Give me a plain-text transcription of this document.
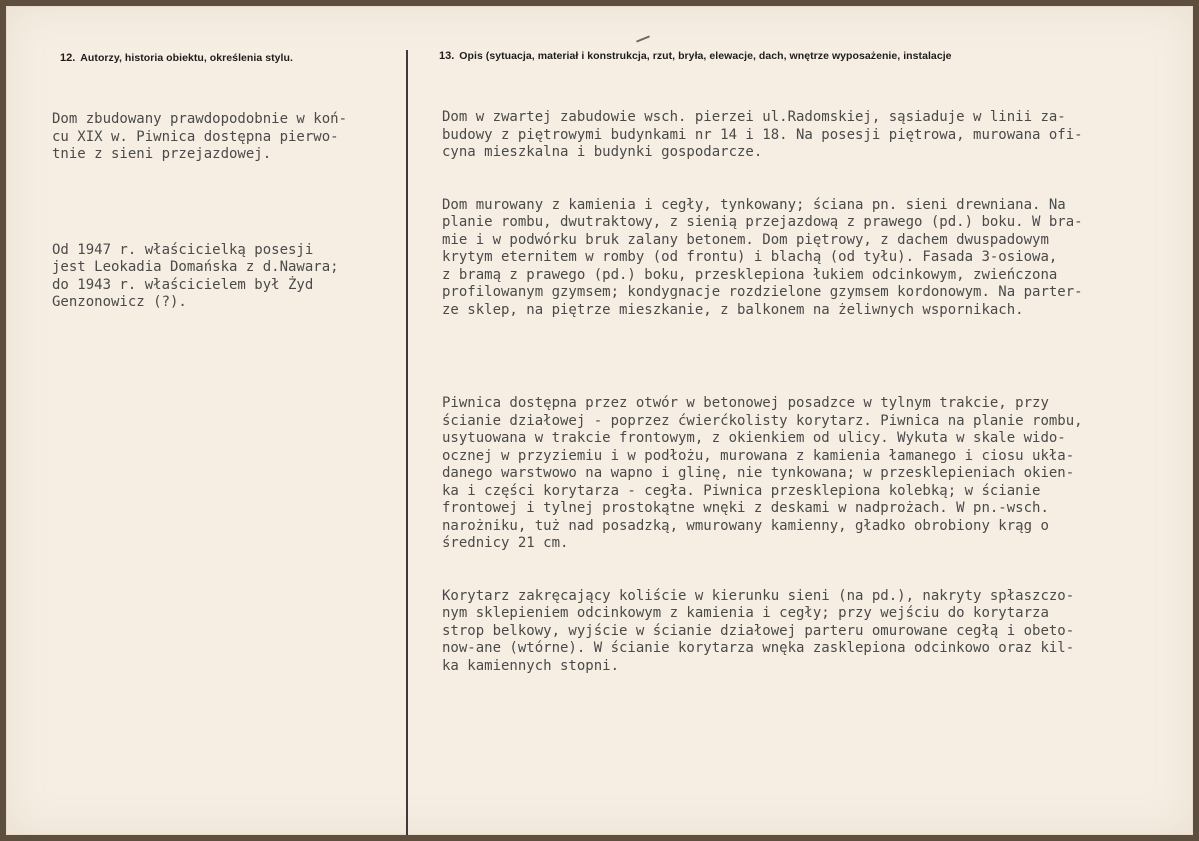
12. Autorzy, historia obiektu, określenia stylu.	13. Opis (sytuacja, materiał i konstrukcja, rzut, bryła, elewacje, dach, wnętrze wyposażenie, instalacje

Dom zbudowany prawdopodobnie w koń-
cu XIX w. Piwnica dostępna pierwo-
tnie z sieni przejazdowej.

Od 1947 r. właścicielką posesji
jest Leokadia Domańska z d.Nawara;
do 1943 r. właścicielem był Żyd
Genzonowicz (?).

Dom w zwartej zabudowie wsch. pierzei ul.Radomskiej, sąsiaduje w linii za-
budowy z piętrowymi budynkami nr 14 i 18. Na posesji piętrowa, murowana ofi-
cyna mieszkalna i budynki gospodarcze.

Dom murowany z kamienia i cegły, tynkowany; ściana pn. sieni drewniana. Na
planie rombu, dwutraktowy, z sienią przejazdową z prawego (pd.) boku. W bra-
mie i w podwórku bruk zalany betonem. Dom piętrowy, z dachem dwuspadowym
krytym eternitem w romby (od frontu) i blachą (od tyłu). Fasada 3-osiowa,
z bramą z prawego (pd.) boku, przesklepiona łukiem odcinkowym, zwieńczona
profilowanym gzymsem; kondygnacje rozdzielone gzymsem kordonowym. Na parter-
ze sklep, na piętrze mieszkanie, z balkonem na żeliwnych wspornikach.

Piwnica dostępna przez otwór w betonowej posadzce w tylnym trakcie, przy
ścianie działowej - poprzez ćwierćkolisty korytarz. Piwnica na planie rombu,
usytuowana w trakcie frontowym, z okienkiem od ulicy. Wykuta w skale wido-
ocznej w przyziemiu i w podłożu, murowana z kamienia łamanego i ciosu ukła-
danego warstwowo na wapno i glinę, nie tynkowana; w przesklepieniach okien-
ka i części korytarza - cegła. Piwnica przesklepiona kolebką; w ścianie
frontowej i tylnej prostokątne wnęki z deskami w nadprożach. W pn.-wsch.
narożniku, tuż nad posadzką, wmurowany kamienny, gładko obrobiony krąg o
średnicy 21 cm.

Korytarz zakręcający koliście w kierunku sieni (na pd.), nakryty spłaszczo-
nym sklepieniem odcinkowym z kamienia i cegły; przy wejściu do korytarza
strop belkowy, wyjście w ścianie działowej parteru omurowane cegłą i obeto-
now-ane (wtórne). W ścianie korytarza wnęka zasklepiona odcinkowo oraz kil-
ka kamiennych stopni.
